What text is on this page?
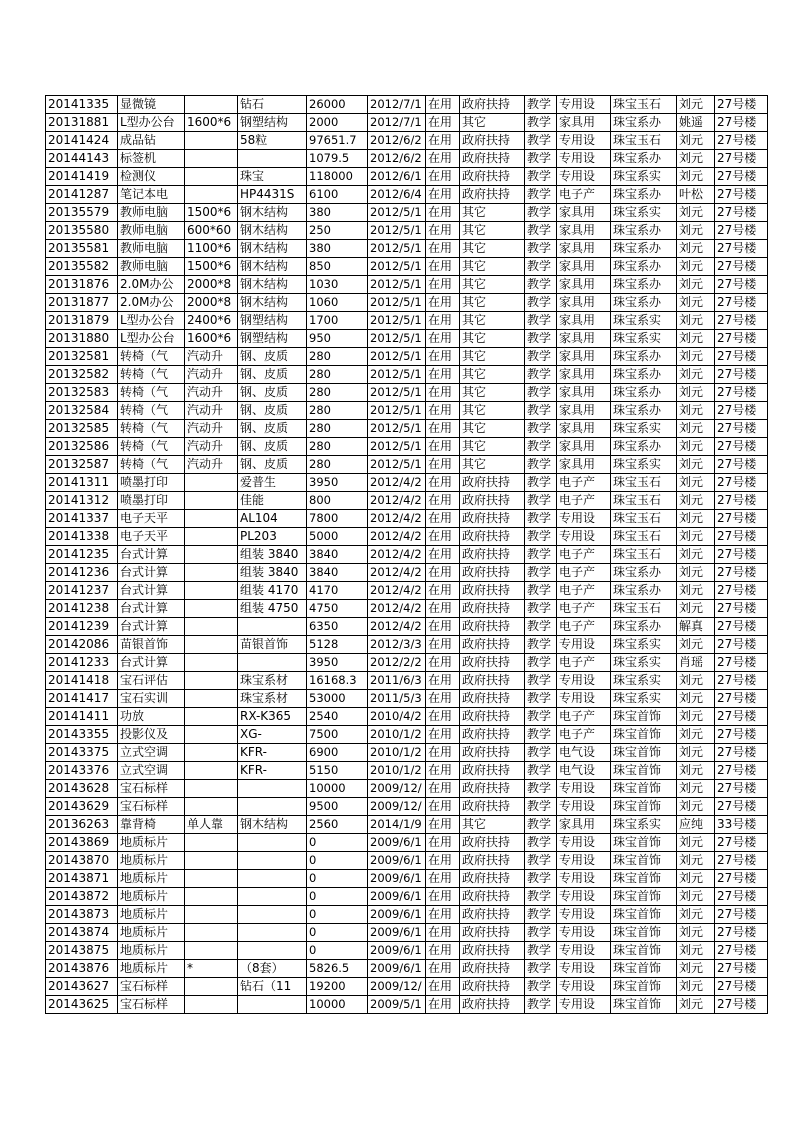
20141335	显微镜		钻石	26000	2012/7/1	在用	政府扶持	教学	专用设	珠宝玉石	刘元	27号楼
20131881	L型办公台	1600*6	钢塑结构	2000	2012/7/1	在用	其它	教学	家具用	珠宝系办	姚遥	27号楼
20141424	成品钻		58粒	97651.7	2012/6/2	在用	政府扶持	教学	专用设	珠宝玉石	刘元	27号楼
20144143	标签机			1079.5	2012/6/2	在用	政府扶持	教学	专用设	珠宝系办	刘元	27号楼
20141419	检测仪		珠宝	118000	2012/6/1	在用	政府扶持	教学	专用设	珠宝系实	刘元	27号楼
20141287	笔记本电		HP4431S	6100	2012/6/4	在用	政府扶持	教学	电子产	珠宝系办	叶松	27号楼
20135579	教师电脑	1500*6	钢木结构	380	2012/5/1	在用	其它	教学	家具用	珠宝系实	刘元	27号楼
20135580	教师电脑	600*60	钢木结构	250	2012/5/1	在用	其它	教学	家具用	珠宝系办	刘元	27号楼
20135581	教师电脑	1100*6	钢木结构	380	2012/5/1	在用	其它	教学	家具用	珠宝系办	刘元	27号楼
20135582	教师电脑	1500*6	钢木结构	850	2012/5/1	在用	其它	教学	家具用	珠宝系办	刘元	27号楼
20131876	2.0M办公	2000*8	钢木结构	1030	2012/5/1	在用	其它	教学	家具用	珠宝系办	刘元	27号楼
20131877	2.0M办公	2000*8	钢木结构	1060	2012/5/1	在用	其它	教学	家具用	珠宝系办	刘元	27号楼
20131879	L型办公台	2400*6	钢塑结构	1700	2012/5/1	在用	其它	教学	家具用	珠宝系实	刘元	27号楼
20131880	L型办公台	1600*6	钢塑结构	950	2012/5/1	在用	其它	教学	家具用	珠宝系实	刘元	27号楼
20132581	转椅（气	汽动升	钢、皮质	280	2012/5/1	在用	其它	教学	家具用	珠宝系办	刘元	27号楼
20132582	转椅（气	汽动升	钢、皮质	280	2012/5/1	在用	其它	教学	家具用	珠宝系办	刘元	27号楼
20132583	转椅（气	汽动升	钢、皮质	280	2012/5/1	在用	其它	教学	家具用	珠宝系办	刘元	27号楼
20132584	转椅（气	汽动升	钢、皮质	280	2012/5/1	在用	其它	教学	家具用	珠宝系办	刘元	27号楼
20132585	转椅（气	汽动升	钢、皮质	280	2012/5/1	在用	其它	教学	家具用	珠宝系实	刘元	27号楼
20132586	转椅（气	汽动升	钢、皮质	280	2012/5/1	在用	其它	教学	家具用	珠宝系办	刘元	27号楼
20132587	转椅（气	汽动升	钢、皮质	280	2012/5/1	在用	其它	教学	家具用	珠宝系实	刘元	27号楼
20141311	喷墨打印		爱普生	3950	2012/4/2	在用	政府扶持	教学	电子产	珠宝玉石	刘元	27号楼
20141312	喷墨打印		佳能	800	2012/4/2	在用	政府扶持	教学	电子产	珠宝玉石	刘元	27号楼
20141337	电子天平		AL104	7800	2012/4/2	在用	政府扶持	教学	专用设	珠宝玉石	刘元	27号楼
20141338	电子天平		PL203	5000	2012/4/2	在用	政府扶持	教学	专用设	珠宝玉石	刘元	27号楼
20141235	台式计算		组装 3840	3840	2012/4/2	在用	政府扶持	教学	电子产	珠宝玉石	刘元	27号楼
20141236	台式计算		组装 3840	3840	2012/4/2	在用	政府扶持	教学	电子产	珠宝系办	刘元	27号楼
20141237	台式计算		组装 4170	4170	2012/4/2	在用	政府扶持	教学	电子产	珠宝系办	刘元	27号楼
20141238	台式计算		组装 4750	4750	2012/4/2	在用	政府扶持	教学	电子产	珠宝玉石	刘元	27号楼
20141239	台式计算			6350	2012/4/2	在用	政府扶持	教学	电子产	珠宝系办	解真	27号楼
20142086	苗银首饰		苗银首饰	5128	2012/3/3	在用	政府扶持	教学	专用设	珠宝系实	刘元	27号楼
20141233	台式计算			3950	2012/2/2	在用	政府扶持	教学	电子产	珠宝系实	肖瑶	27号楼
20141418	宝石评估		珠宝系材	16168.3	2011/6/3	在用	政府扶持	教学	专用设	珠宝系实	刘元	27号楼
20141417	宝石实训		珠宝系材	53000	2011/5/3	在用	政府扶持	教学	专用设	珠宝系实	刘元	27号楼
20141411	功放		RX-K365	2540	2010/4/2	在用	政府扶持	教学	电子产	珠宝首饰	刘元	27号楼
20143355	投影仪及		XG-	7500	2010/1/2	在用	政府扶持	教学	电子产	珠宝首饰	刘元	27号楼
20143375	立式空调		KFR-	6900	2010/1/2	在用	政府扶持	教学	电气设	珠宝首饰	刘元	27号楼
20143376	立式空调		KFR-	5150	2010/1/2	在用	政府扶持	教学	电气设	珠宝首饰	刘元	27号楼
20143628	宝石标样			10000	2009/12/	在用	政府扶持	教学	专用设	珠宝首饰	刘元	27号楼
20143629	宝石标样			9500	2009/12/	在用	政府扶持	教学	专用设	珠宝首饰	刘元	27号楼
20136263	靠背椅	单人靠	钢木结构	2560	2014/1/9	在用	其它	教学	家具用	珠宝系实	应纯	33号楼
20143869	地质标片			0	2009/6/1	在用	政府扶持	教学	专用设	珠宝首饰	刘元	27号楼
20143870	地质标片			0	2009/6/1	在用	政府扶持	教学	专用设	珠宝首饰	刘元	27号楼
20143871	地质标片			0	2009/6/1	在用	政府扶持	教学	专用设	珠宝首饰	刘元	27号楼
20143872	地质标片			0	2009/6/1	在用	政府扶持	教学	专用设	珠宝首饰	刘元	27号楼
20143873	地质标片			0	2009/6/1	在用	政府扶持	教学	专用设	珠宝首饰	刘元	27号楼
20143874	地质标片			0	2009/6/1	在用	政府扶持	教学	专用设	珠宝首饰	刘元	27号楼
20143875	地质标片			0	2009/6/1	在用	政府扶持	教学	专用设	珠宝首饰	刘元	27号楼
20143876	地质标片	*	（8套）	5826.5	2009/6/1	在用	政府扶持	教学	专用设	珠宝首饰	刘元	27号楼
20143627	宝石标样		钻石（11	19200	2009/12/	在用	政府扶持	教学	专用设	珠宝首饰	刘元	27号楼
20143625	宝石标样			10000	2009/5/1	在用	政府扶持	教学	专用设	珠宝首饰	刘元	27号楼
